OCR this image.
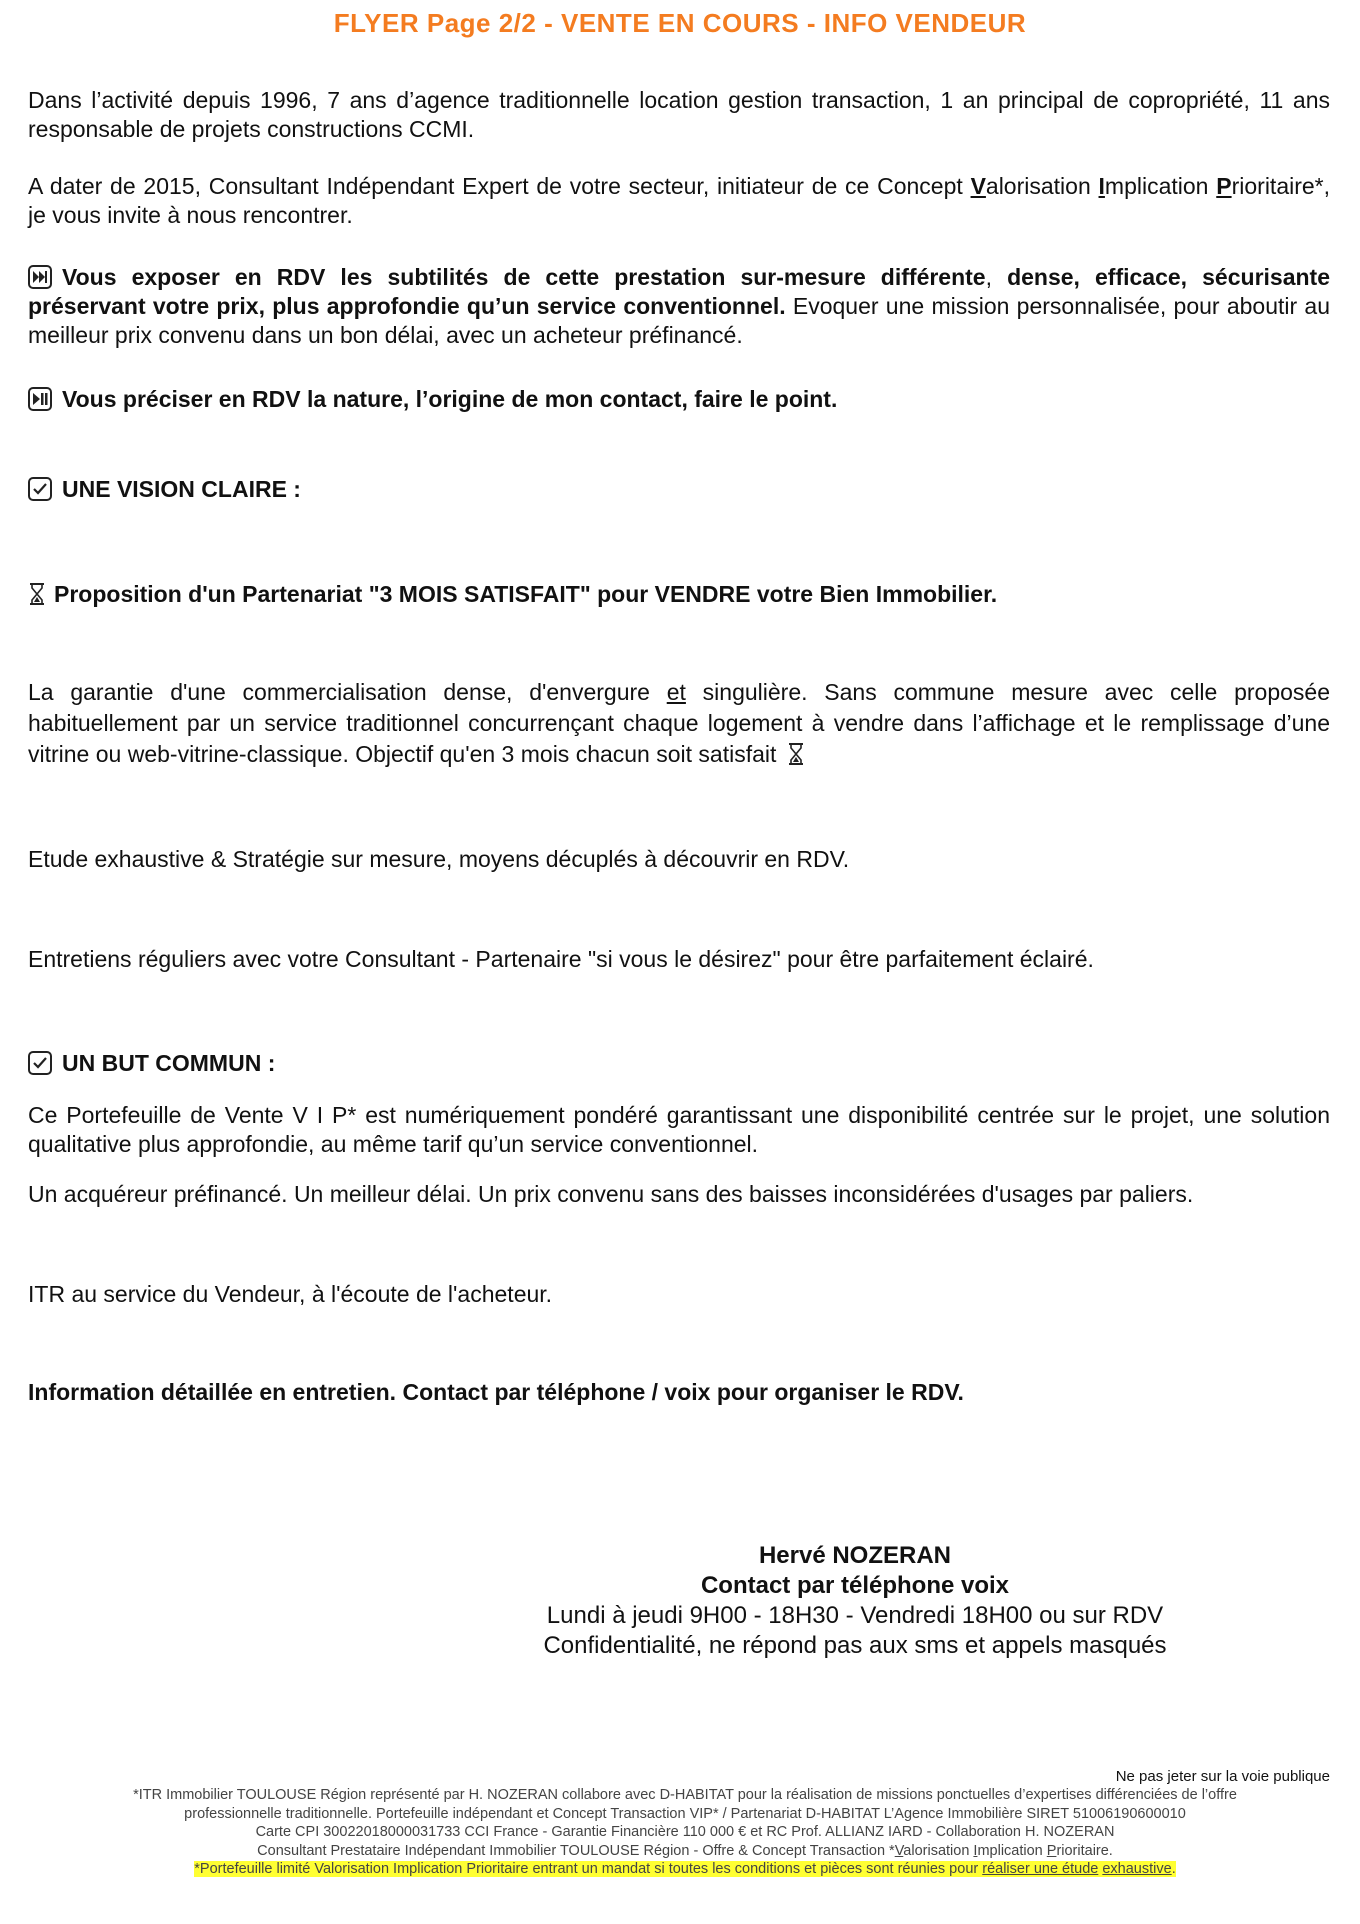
FLYER Page 2/2 - VENTE EN COURS - INFO VENDEUR
Dans l’activité depuis 1996, 7 ans d’agence traditionnelle location gestion transaction, 1 an principal de copropriété, 11 ans responsable de projets constructions CCMI.
A dater de 2015, Consultant Indépendant Expert de votre secteur, initiateur de ce Concept Valorisation Implication Prioritaire*, je vous invite à nous rencontrer.
Vous exposer en RDV les subtilités de cette prestation sur-mesure différente, dense, efficace, sécurisante préservant votre prix, plus approfondie qu’un service conventionnel. Evoquer une mission personnalisée, pour aboutir au meilleur prix convenu dans un bon délai, avec un acheteur préfinancé.
Vous préciser en RDV la nature, l’origine de mon contact, faire le point.
UNE VISION CLAIRE :
Proposition d'un Partenariat "3 MOIS SATISFAIT" pour VENDRE votre Bien Immobilier.
La garantie d'une commercialisation dense, d'envergure et singulière. Sans commune mesure avec celle proposée habituellement par un service traditionnel concurrençant chaque logement à vendre dans l’affichage et le remplissage d’une vitrine ou web-vitrine-classique. Objectif qu'en 3 mois chacun soit satisfait
Etude exhaustive & Stratégie sur mesure, moyens décuplés à découvrir en RDV.
Entretiens réguliers avec votre Consultant - Partenaire "si vous le désirez" pour être parfaitement éclairé.
UN BUT COMMUN :
Ce Portefeuille de Vente V I P* est numériquement pondéré garantissant une disponibilité centrée sur le projet, une solution qualitative plus approfondie, au même tarif qu’un service conventionnel.
Un acquéreur préfinancé. Un meilleur délai. Un prix convenu sans des baisses inconsidérées d'usages par paliers.
ITR au service du Vendeur, à l'écoute de l'acheteur.
Information détaillée en entretien. Contact par téléphone / voix pour organiser le RDV.
Hervé NOZERAN
Contact par téléphone voix
Lundi à jeudi 9H00 - 18H30 - Vendredi 18H00 ou sur RDV
Confidentialité, ne répond pas aux sms et appels masqués
Ne pas jeter sur la voie publique
*ITR Immobilier TOULOUSE Région représenté par H. NOZERAN collabore avec D-HABITAT pour la réalisation de missions ponctuelles d’expertises différenciées de l’offre
professionnelle traditionnelle. Portefeuille indépendant et Concept Transaction VIP* / Partenariat D-HABITAT L’Agence Immobilière SIRET 51006190600010
Carte CPI 30022018000031733 CCI France - Garantie Financière 110 000 € et RC Prof. ALLIANZ IARD - Collaboration H. NOZERAN
Consultant Prestataire Indépendant Immobilier TOULOUSE Région - Offre & Concept Transaction *Valorisation Implication Prioritaire.
*Portefeuille limité Valorisation Implication Prioritaire entrant un mandat si toutes les conditions et pièces sont réunies pour réaliser une étude exhaustive.
